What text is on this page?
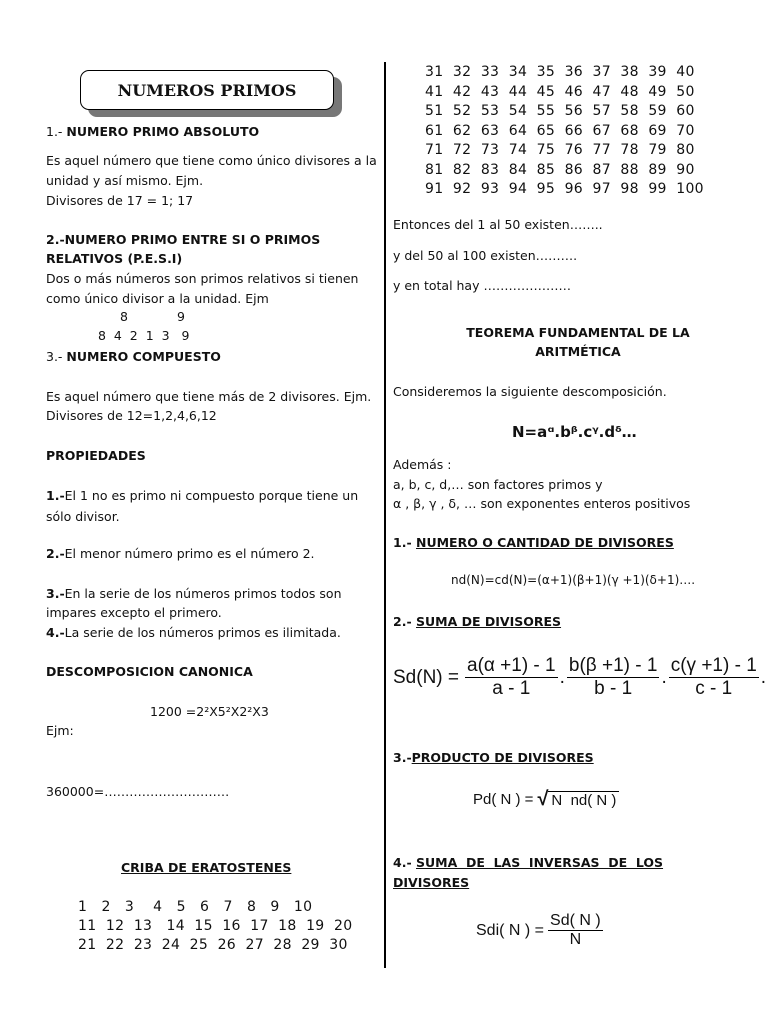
NUMEROS PRIMOS
1.- NUMERO PRIMO ABSOLUTO
Es aquel número que tiene como único divisores a la
unidad y así mismo. Ejm.
Divisores de 17 = 1; 17
2.-NUMERO PRIMO ENTRE SI O PRIMOS
RELATIVOS (P.E.S.I)
Dos o más números son primos relativos si tienen
como único divisor a la unidad. Ejm
8	9
8  4  2  1  3   9
3.- NUMERO COMPUESTO
Es aquel número que tiene más de 2 divisores. Ejm.
Divisores de 12=1,2,4,6,12
PROPIEDADES
1.-El 1 no es primo ni compuesto porque tiene un
sólo divisor.
2.-El menor número primo es el número 2.
3.-En la serie de los números primos todos son
impares excepto el primero.
4.-La serie de los números primos es ilimitada.
DESCOMPOSICION CANONICA
1200 =2²X5²X2²X3
Ejm:
360000=…………………………
CRIBA DE ERATOSTENES
1   2   3    4   5   6   7   8   9   10
11  12  13   14  15  16  17  18  19  20
21  22  23  24  25  26  27  28  29  30
31  32  33  34  35  36  37  38  39  40
41  42  43  44  45  46  47  48  49  50
51  52  53  54  55  56  57  58  59  60
61  62  63  64  65  66  67  68  69  70
71  72  73  74  75  76  77  78  79  80
81  82  83  84  85  86  87  88  89  90
91  92  93  94  95  96  97  98  99  100
Entonces del 1 al 50 existen……..
y del 50 al 100 existen……….
y en total hay …………………
TEOREMA FUNDAMENTAL DE LA
ARITMÉTICA
Consideremos la siguiente descomposición.
N=aᵅ.bᵝ.cᵞ.dᵟ…
Además :
a, b, c, d,… son factores primos y
α , β, γ , δ, … son exponentes enteros positivos
1.- NUMERO O CANTIDAD DE DIVISORES
nd(N)=cd(N)=(α+1)(β+1)(γ +1)(δ+1)….
2.- SUMA DE DIVISORES
$Sd(N) = \frac{a(\alpha +1) - 1}{a - 1}$ . $\frac{b(\beta +1) - 1}{b - 1}$ . $\frac{c(\gamma +1) - 1}{c - 1}$ .
3.-PRODUCTO DE DIVISORES
Pd( N ) = √ N  nd( N )
4.- SUMA  DE  LAS  INVERSAS  DE  LOS
DIVISORES
Sdi( N ) = $\frac{Sd( N )}{N}$
